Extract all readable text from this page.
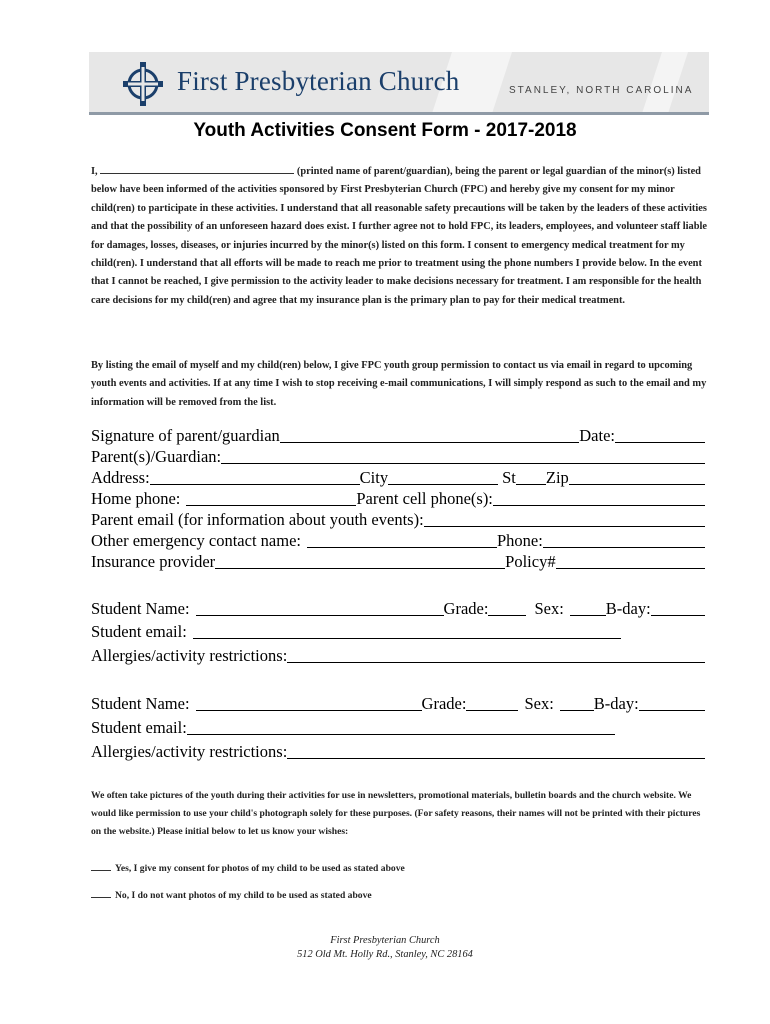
First Presbyterian Church	STANLEY, NORTH CAROLINA
Youth Activities Consent Form - 2017-2018
I,	(printed name of parent/guardian), being the parent or legal guardian of the minor(s) listed below have been informed of the activities sponsored by First Presbyterian Church (FPC) and hereby give my consent for my minor child(ren) to participate in these activities. I understand that all reasonable safety precautions will be taken by the leaders of these activities and that the possibility of an unforeseen hazard does exist. I further agree not to hold FPC, its leaders, employees, and volunteer staff liable for damages, losses, diseases, or injuries incurred by the minor(s) listed on this form. I consent to emergency medical treatment for my child(ren). I understand that all efforts will be made to reach me prior to treatment using the phone numbers I provide below. In the event that I cannot be reached, I give permission to the activity leader to make decisions necessary for treatment. I am responsible for the health care decisions for my child(ren) and agree that my insurance plan is the primary plan to pay for their medical treatment.
By listing the email of myself and my child(ren) below, I give FPC youth group permission to contact us via email in regard to upcoming youth events and activities. If at any time I wish to stop receiving e-mail communications, I will simply respond as such to the email and my information will be removed from the list.
Signature of parent/guardian	Date:
Parent(s)/Guardian:
Address:	City	St Zip
Home phone:	Parent cell phone(s):
Parent email (for information about youth events):
Other emergency contact name:	Phone:
Insurance provider	Policy#
Student Name:	Grade:	Sex:	B-day:
Student email:
Allergies/activity restrictions:
Student Name:	Grade:	Sex: B-day:
Student email:
Allergies/activity restrictions:
We often take pictures of the youth during their activities for use in newsletters, promotional materials, bulletin boards and the church website. We would like permission to use your child's photograph solely for these purposes. (For safety reasons, their names will not be printed with their pictures on the website.) Please initial below to let us know your wishes:
Yes, I give my consent for photos of my child to be used as stated above
No, I do not want photos of my child to be used as stated above
First Presbyterian Church
512 Old Mt. Holly Rd., Stanley, NC 28164
